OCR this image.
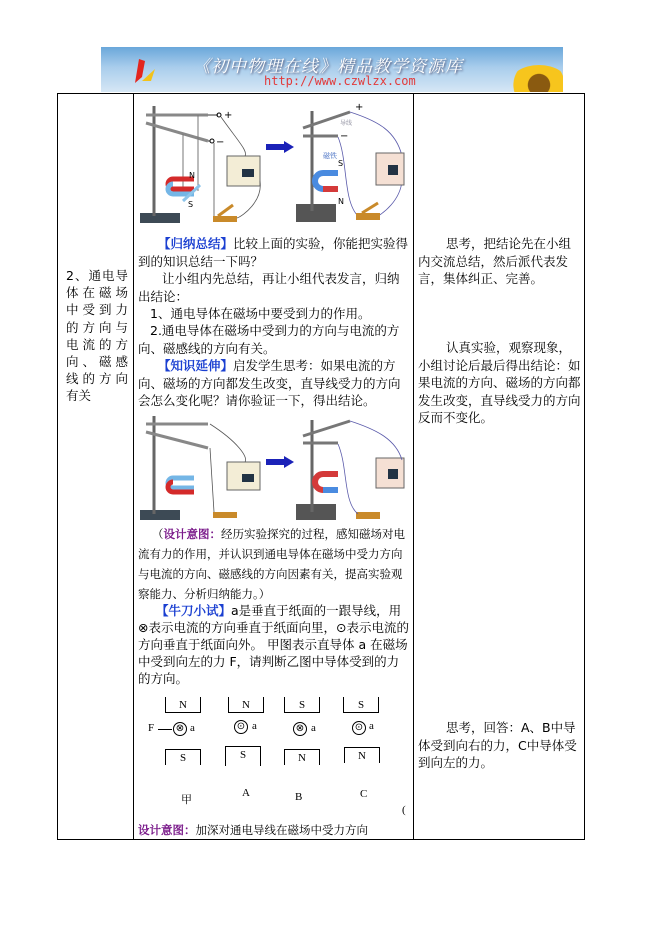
《初中物理在线》精品教学资源库
http://www.czwlzx.com

2、通电导体在磁场中受到力的方向与电流的方向、磁感线的方向有关

+
−
N
S
+
−
导线
磁铁
S
N
【归纳总结】比较上面的实验，你能把实验得到的知识总结一下吗？
让小组内先总结，再让小组代表发言，归纳出结论：
1、通电导体在磁场中要受到力的作用。
2.通电导体在磁场中受到力的方向与电流的方向、磁感线的方向有关。
【知识延伸】启发学生思考：如果电流的方向、磁场的方向都发生改变，直导线受力的方向会怎么变化呢？请你验证一下，得出结论。
（设计意图：经历实验探究的过程，感知磁场对电流有力的作用，并认识到通电导体在磁场中受力方向与电流的方向、磁感线的方向因素有关，提高实验观察能力、分析归纳能力。）
【牛刀小试】a是垂直于纸面的一跟导线，用⊗表示电流的方向垂直于纸面向里，⊙表示电流的方向垂直于纸面向外。 甲图表示直导体 a 在磁场中受到向左的力 F，请判断乙图中导体受到的力的方向。
N
F ⊗ a
S
甲
N
⊙ a
S
A
S
⊗ a
N
B
S
⊙ a
N
C
(
设计意图：加深对通电导线在磁场中受力方向
思考，把结论先在小组内交流总结，然后派代表发言，集体纠正、完善。
认真实验，观察现象，小组讨论后最后得出结论：如果电流的方向、磁场的方向都发生改变，直导线受力的方向反而不变化。
思考，回答：A、B中导体受到向右的力，C中导体受到向左的力。
